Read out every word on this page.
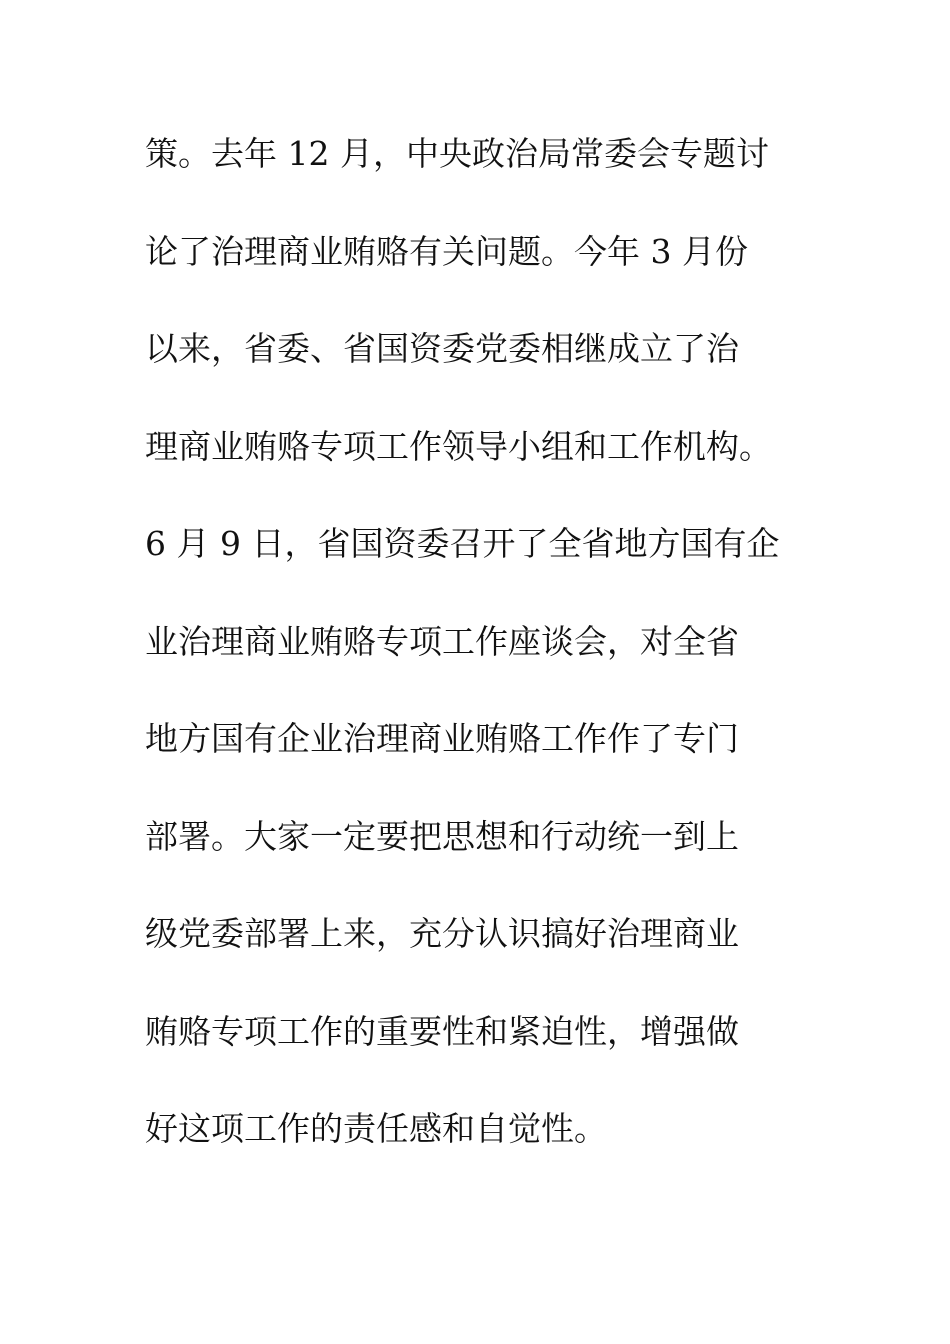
策。去年 12 月，中央政治局常委会专题讨
论了治理商业贿赂有关问题。今年 3 月份
以来，省委、省国资委党委相继成立了治
理商业贿赂专项工作领导小组和工作机构。
6 月 9 日，省国资委召开了全省地方国有企
业治理商业贿赂专项工作座谈会，对全省
地方国有企业治理商业贿赂工作作了专门
部署。大家一定要把思想和行动统一到上
级党委部署上来，充分认识搞好治理商业
贿赂专项工作的重要性和紧迫性，增强做
好这项工作的责任感和自觉性。
